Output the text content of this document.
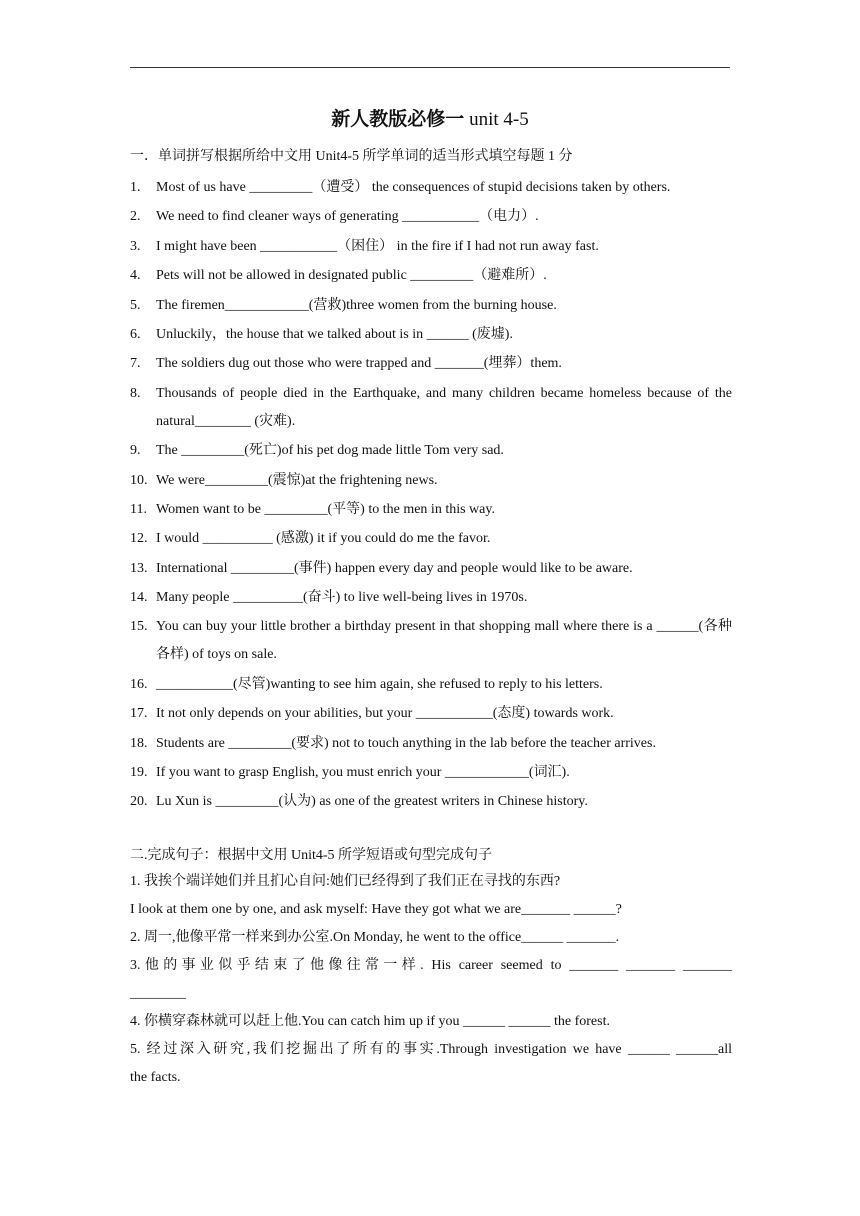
新人教版必修一 unit 4-5
一．单词拼写根据所给中文用 Unit4-5 所学单词的适当形式填空每题 1 分
1.	Most of us have _________（遭受） the consequences of stupid decisions taken by others.
2.	We need to find cleaner ways of generating ___________（电力）.
3.	I might have been ___________（困住） in the fire if I had not run away fast.
4.	Pets will not be allowed in designated public _________（避难所）.
5.	The firemen____________(营救)three women from the burning house.
6.	Unluckily，the house that we talked about is in ______ (废墟).
7.	The soldiers dug out those who were trapped and _______(埋葬）them.
8.	Thousands of people died in the Earthquake, and many children became homeless because of the natural________ (灾难).
9.	The _________(死亡)of his pet dog made little Tom very sad.
10. We were_________(震惊)at the frightening news.
11. Women want to be _________(平等) to the men in this way.
12. I would __________ (感激) it if you could do me the favor.
13. International _________(事件) happen every day and people would like to be aware.
14. Many people __________(奋斗) to live well-being lives in 1970s.
15. You can buy your little brother a birthday present in that shopping mall where there is a ______(各种各样) of toys on sale.
16. ___________(尽管)wanting to see him again, she refused to reply to his letters.
17. It not only depends on your abilities, but your ___________(态度) towards work.
18. Students are _________(要求) not to touch anything in the lab before the teacher arrives.
19. If you want to grasp English, you must enrich your ____________(词汇).
20. Lu Xun is _________(认为) as one of the greatest writers in Chinese history.
二.完成句子：根据中文用 Unit4-5 所学短语或句型完成句子
1. 我挨个端详她们并且扪心自问:她们已经得到了我们正在寻找的东西?
I look at them one by one, and ask myself: Have they got what we are_______ ______?
2. 周一,他像平常一样来到办公室.On Monday, he went to the office______ _______.
3.他的事业似乎结束了他像往常一样. His career seemed to _______ _______ _______
________
4. 你横穿森林就可以赶上他.You can catch him up if you ______ ______ the forest.
5. 经过深入研究,我们挖掘出了所有的事实.Through investigation we have ______ ______all
the facts.
